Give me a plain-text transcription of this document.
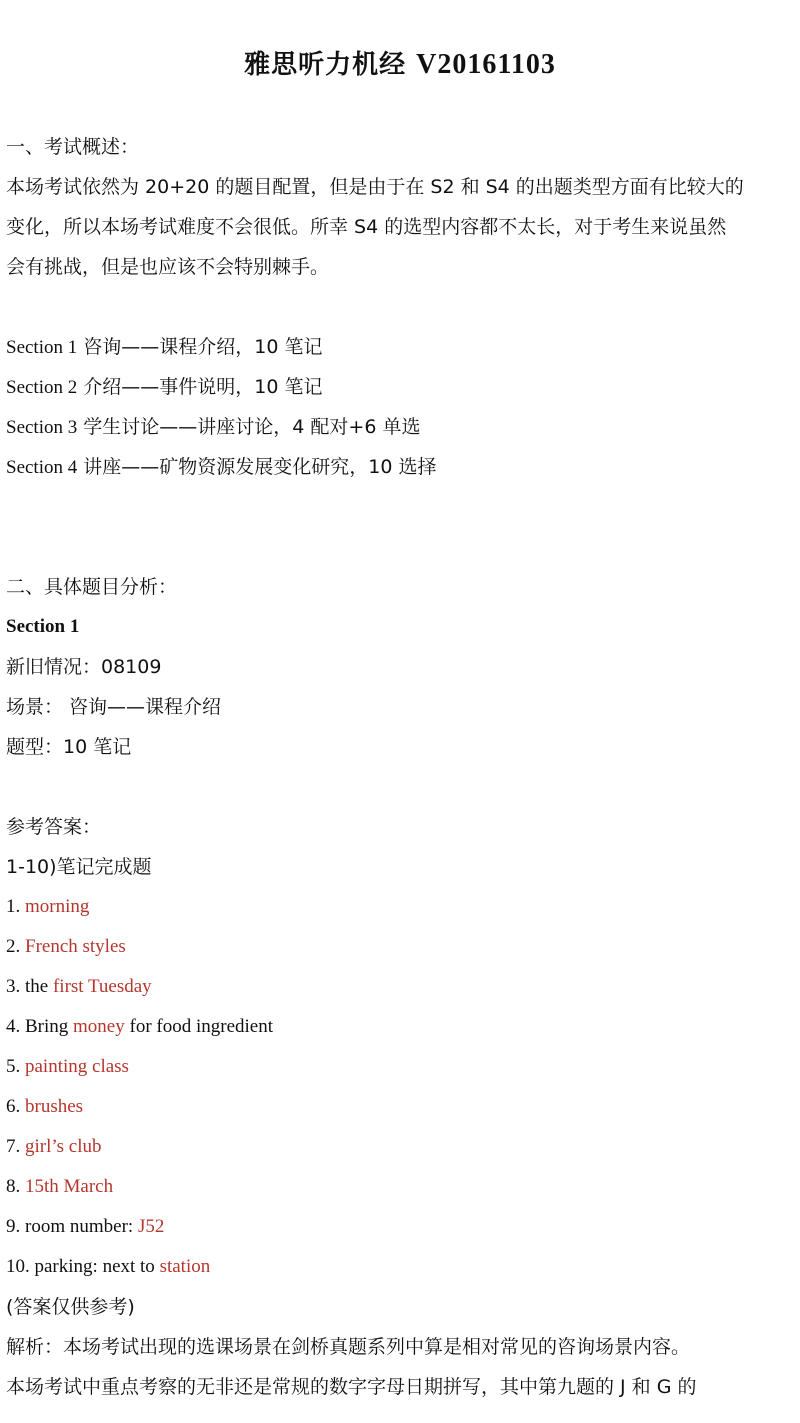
雅思听力机经 V20161103
一、考试概述：
本场考试依然为 20+20 的题目配置，但是由于在 S2 和 S4 的出题类型方面有比较大的
变化，所以本场考试难度不会很低。所幸 S4 的选型内容都不太长，对于考生来说虽然
会有挑战，但是也应该不会特别棘手。
Section 1 咨询——课程介绍，10 笔记
Section 2 介绍——事件说明，10 笔记
Section 3 学生讨论——讲座讨论，4 配对+6 单选
Section 4 讲座——矿物资源发展变化研究，10 选择
二、具体题目分析：
Section 1
新旧情况：08109
场景： 咨询——课程介绍
题型：10 笔记
参考答案：
1-10)笔记完成题
1. morning
2. French styles
3. the first Tuesday
4. Bring money for food ingredient
5. painting class
6. brushes
7. girl’s club
8. 15th March
9. room number: J52
10. parking: next to station
(答案仅供参考)
解析：本场考试出现的选课场景在剑桥真题系列中算是相对常见的咨询场景内容。
本场考试中重点考察的无非还是常规的数字字母日期拼写，其中第九题的 J 和 G 的
